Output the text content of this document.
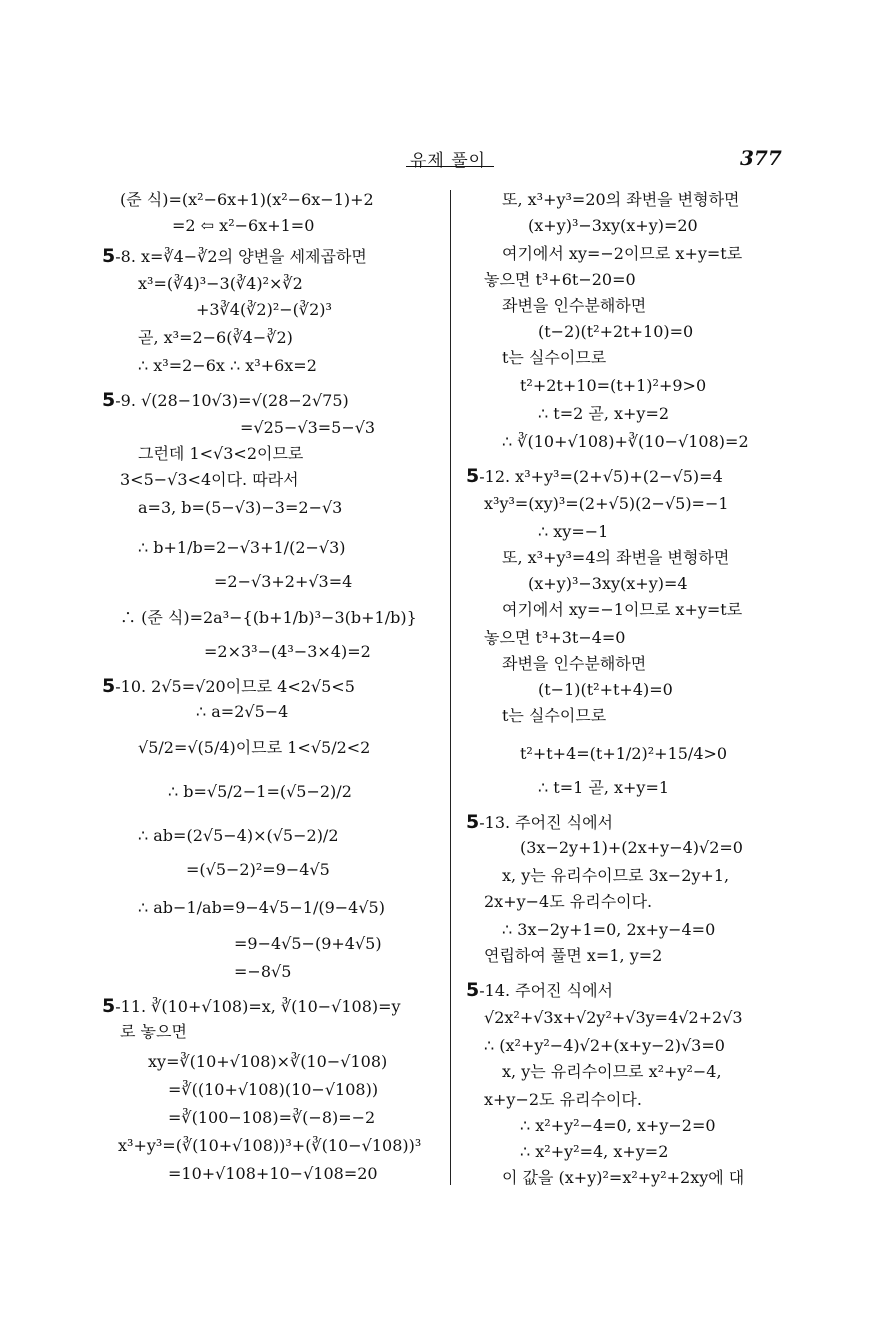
유제 풀이	377
(준 식)=(x²−6x+1)(x²−6x−1)+2
=2 ⇦ x²−6x+1=0
5-8. x=∛4−∛2의 양변을 세제곱하면
x³=(∛4)³−3(∛4)²×∛2
+3∛4(∛2)²−(∛2)³
곧, x³=2−6(∛4−∛2)
∴ x³=2−6x ∴ x³+6x=2
5-9. √(28−10√3)=√(28−2√75)
=√25−√3=5−√3
그런데 1<√3<2이므로
3<5−√3<4이다. 따라서
a=3, b=(5−√3)−3=2−√3
∴ b+1/b=2−√3+1/(2−√3)
=2−√3+2+√3=4
∴ (준 식)=2a³−{(b+1/b)³−3(b+1/b)}
=2×3³−(4³−3×4)=2
5-10. 2√5=√20이므로 4<2√5<5
∴ a=2√5−4
√5/2=√(5/4)이므로 1<√5/2<2
∴ b=√5/2−1=(√5−2)/2
∴ ab=(2√5−4)×(√5−2)/2
=(√5−2)²=9−4√5
∴ ab−1/ab=9−4√5−1/(9−4√5)
=9−4√5−(9+4√5)
=−8√5
5-11. ∛(10+√108)=x, ∛(10−√108)=y
로 놓으면
xy=∛(10+√108)×∛(10−√108)
=∛((10+√108)(10−√108))
=∛(100−108)=∛(−8)=−2
x³+y³=(∛(10+√108))³+(∛(10−√108))³
=10+√108+10−√108=20
또, x³+y³=20의 좌변을 변형하면
(x+y)³−3xy(x+y)=20
여기에서 xy=−2이므로 x+y=t로
놓으면 t³+6t−20=0
좌변을 인수분해하면
(t−2)(t²+2t+10)=0
t는 실수이므로
t²+2t+10=(t+1)²+9>0
∴ t=2 곧, x+y=2
∴ ∛(10+√108)+∛(10−√108)=2
5-12. x³+y³=(2+√5)+(2−√5)=4
x³y³=(xy)³=(2+√5)(2−√5)=−1
∴ xy=−1
또, x³+y³=4의 좌변을 변형하면
(x+y)³−3xy(x+y)=4
여기에서 xy=−1이므로 x+y=t로
놓으면 t³+3t−4=0
좌변을 인수분해하면
(t−1)(t²+t+4)=0
t는 실수이므로
t²+t+4=(t+1/2)²+15/4>0
∴ t=1 곧, x+y=1
5-13. 주어진 식에서
(3x−2y+1)+(2x+y−4)√2=0
x, y는 유리수이므로 3x−2y+1,
2x+y−4도 유리수이다.
∴ 3x−2y+1=0, 2x+y−4=0
연립하여 풀면 x=1, y=2
5-14. 주어진 식에서
√2x²+√3x+√2y²+√3y=4√2+2√3
∴ (x²+y²−4)√2+(x+y−2)√3=0
x, y는 유리수이므로 x²+y²−4,
x+y−2도 유리수이다.
∴ x²+y²−4=0, x+y−2=0
∴ x²+y²=4, x+y=2
이 값을 (x+y)²=x²+y²+2xy에 대
